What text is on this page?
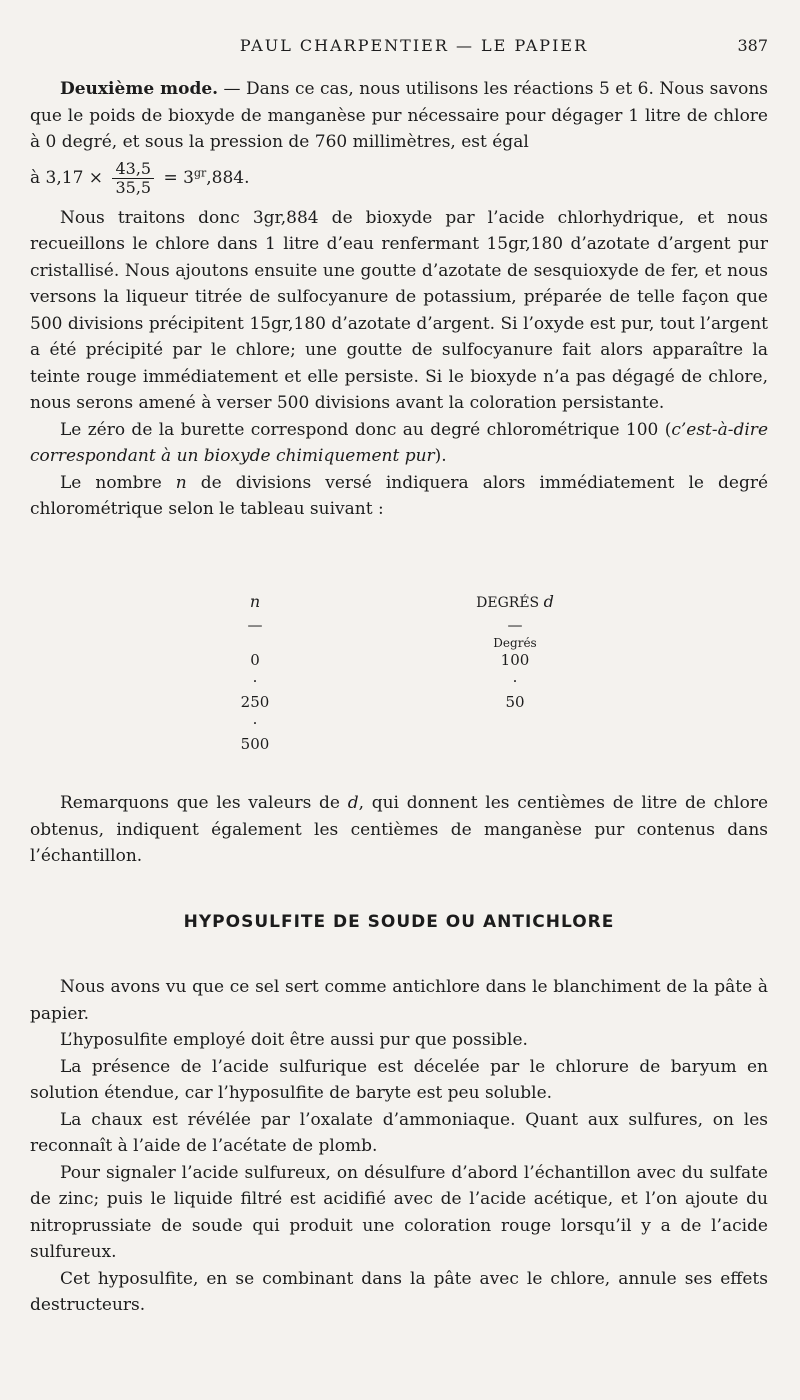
PAUL CHARPENTIER — LE PAPIER	387

Deuxième mode. — Dans ce cas, nous utilisons les réactions 5 et 6. Nous savons que le poids de bioxyde de manganèse pur nécessaire pour dégager 1 litre de chlore à 0 degré, et sous la pression de 760 millimètres, est égal

à $3,17 \times \frac{43,5}{35,5} = 3^{gr},884$.

Nous traitons donc 3gr,884 de bioxyde par l’acide chlorhydrique, et nous recueillons le chlore dans 1 litre d’eau renfermant 15gr,180 d’azotate d’argent pur cristallisé. Nous ajoutons ensuite une goutte d’azotate de sesquioxyde de fer, et nous versons la liqueur titrée de sulfocyanure de potassium, préparée de telle façon que 500 divisions précipitent 15gr,180 d’azotate d’argent. Si l’oxyde est pur, tout l’argent a été précipité par le chlore; une goutte de sulfocyanure fait alors apparaître la teinte rouge immédiatement et elle persiste. Si le bioxyde n’a pas dégagé de chlore, nous serons amené à verser 500 divisions avant la coloration persistante.

Le zéro de la burette correspond donc au degré chlorométrique 100 (c’est-à-dire correspondant à un bioxyde chimiquement pur).

Le nombre n de divisions versé indiquera alors immédiatement le degré chlorométrique selon le tableau suivant :

n
—

0
·
250
·
500
DEGRÉS d
—
Degrés
100
·
50

Remarquons que les valeurs de d, qui donnent les centièmes de litre de chlore obtenus, indiquent également les centièmes de manganèse pur contenus dans l’échantillon.

HYPOSULFITE DE SOUDE OU ANTICHLORE

Nous avons vu que ce sel sert comme antichlore dans le blanchiment de la pâte à papier.

L’hyposulfite employé doit être aussi pur que possible.

La présence de l’acide sulfurique est décelée par le chlorure de baryum en solution étendue, car l’hyposulfite de baryte est peu soluble.

La chaux est révélée par l’oxalate d’ammoniaque. Quant aux sulfures, on les reconnaît à l’aide de l’acétate de plomb.

Pour signaler l’acide sulfureux, on désulfure d’abord l’échantillon avec du sulfate de zinc; puis le liquide filtré est acidifié avec de l’acide acétique, et l’on ajoute du nitroprussiate de soude qui produit une coloration rouge lorsqu’il y a de l’acide sulfureux.

Cet hyposulfite, en se combinant dans la pâte avec le chlore, annule ses effets destructeurs.
